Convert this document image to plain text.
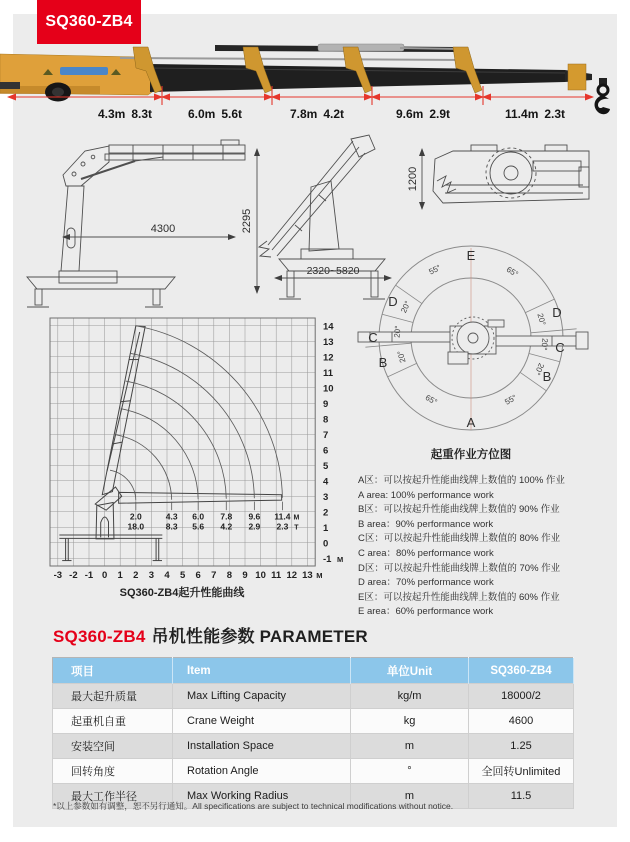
SQ360-ZB4
4.3m 8.3t	6.0m 5.6t	7.8m 4.2t	9.6m 2.9t	11.4m 2.3t
4300	2295
2320~5820
1200
E
D
D
C
C
B
B
A
55°	65°
20°
20°
20°
20°
20°
20°
65°	55°
起重作业方位图
2.0
18.0
4.3
8.3
6.0
5.6
7.8
4.2
9.6
2.9
11.4
2.3
M
T
-3 -2 -1 0 1 2 3 4 5 6 7 8 9 10 11 12 13 M
14
13
12
11
10
9
8
7
6
5
4
3
2
1
0
-1 M
SQ360-ZB4起升性能曲线
A区：可以按起升性能曲线牌上数值的 100% 作业
A area: 100% performance work
B区：可以按起升性能曲线牌上数值的 90% 作业
B area：90% performance work
C区：可以按起升性能曲线牌上数值的 80% 作业
C area：80% performance work
D区：可以按起升性能曲线牌上数值的 70% 作业
D area：70% performance work
E区：可以按起升性能曲线牌上数值的 60% 作业
E area：60% performance work
SQ360-ZB4 吊机性能参数 PARAMETER
项目	Item	单位Unit	SQ360-ZB4
最大起升质量	Max Lifting Capacity	kg/m	18000/2
起重机自重	Crane Weight	kg	4600
安装空间	Installation Space	m	1.25
回转角度	Rotation Angle	°	全回转Unlimited
最大工作半径	Max Working Radius	m	11.5
*以上参数如有调整，恕不另行通知。All specifications are subject to technical modifications without notice.
